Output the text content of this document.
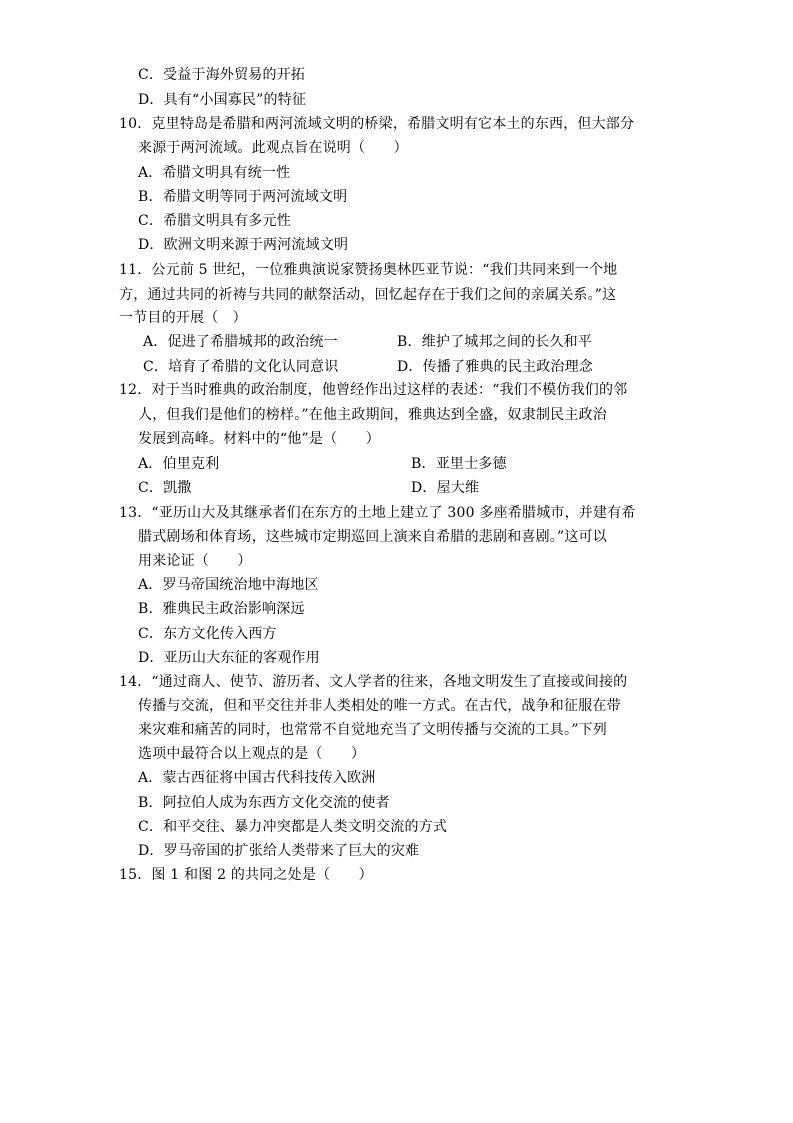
C．受益于海外贸易的开拓
D．具有“小国寡民”的特征
10．克里特岛是希腊和两河流域文明的桥梁，希腊文明有它本土的东西，但大部分
来源于两河流域。此观点旨在说明（　　）
A．希腊文明具有统一性
B．希腊文明等同于两河流域文明
C．希腊文明具有多元性
D．欧洲文明来源于两河流域文明
11．公元前 5 世纪，一位雅典演说家赞扬奥林匹亚节说：“我们共同来到一个地
方，通过共同的祈祷与共同的献祭活动，回忆起存在于我们之间的亲属关系。”这
一节目的开展（　）
A．促进了希腊城邦的政治统一	B．维护了城邦之间的长久和平
C．培育了希腊的文化认同意识	D．传播了雅典的民主政治理念
12．对于当时雅典的政治制度，他曾经作出过这样的表述：“我们不模仿我们的邻
人，但我们是他们的榜样。”在他主政期间，雅典达到全盛，奴隶制民主政治
发展到高峰。材料中的“他”是（　　）
A．伯里克利	B．亚里士多德
C．凯撒	D．屋大维
13．“亚历山大及其继承者们在东方的土地上建立了 300 多座希腊城市，并建有希
腊式剧场和体育场，这些城市定期巡回上演来自希腊的悲剧和喜剧。”这可以
用来论证（　　）
A．罗马帝国统治地中海地区
B．雅典民主政治影响深远
C．东方文化传入西方
D．亚历山大东征的客观作用
14．“通过商人、使节、游历者、文人学者的往来，各地文明发生了直接或间接的
传播与交流，但和平交往并非人类相处的唯一方式。在古代，战争和征服在带
来灾难和痛苦的同时，也常常不自觉地充当了文明传播与交流的工具。”下列
选项中最符合以上观点的是（　　）
A．蒙古西征将中国古代科技传入欧洲
B．阿拉伯人成为东西方文化交流的使者
C．和平交往、暴力冲突都是人类文明交流的方式
D．罗马帝国的扩张给人类带来了巨大的灾难
15．图 1 和图 2 的共同之处是（　　）
